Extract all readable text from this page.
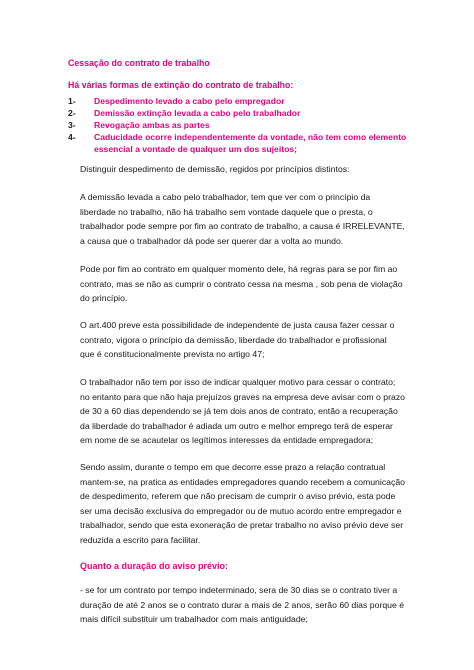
Cessação do contrato de trabalho
Há várias formas de extinção do contrato de trabalho:
1- Despedimento levado a cabo pelo empregador
2- Demissão extinção levada a cabo pelo trabalhador
3- Revogação ambas as partes
4- Caducidade ocorre independentemente da vontade, não tem como elemento
essencial a vontade de qualquer um dos sujeitos;

Distinguir despedimento de demissão, regidos por princípios distintos:

A demissão levada a cabo pelo trabalhador, tem que ver com o princípio da

liberdade no trabalho, não há trabalho sem vontade daquele que o presta, o

trabalhador pode sempre por fim ao contrato de trabalho, a causa é IRRELEVANTE,

a causa que o trabalhador dá pode ser querer dar a volta ao mundo.

Pode por fim ao contrato em qualquer momento dele, há regras para se por fim ao

contrato, mas se não as cumprir o contrato cessa na mesma , sob pena de violação

do princípio.

O art.400 preve esta possibilidade de independente de justa causa fazer cessar o

contrato, vigora o princípio da demissão, liberdade do trabalhador e profissional

que é constitucionalmente prevista no artigo 47;

O trabalhador não tem por isso de indicar qualquer motivo para cessar o contrato;

no entanto para que não haja prejuízos graves na empresa deve avisar com o prazo

de 30 a 60 dias dependendo se já tem dois anos de contrato, então a recuperação

da liberdade do trabalhador é adiada um outro e melhor emprego terá de esperar

em nome de se acautelar os legítimos interesses da entidade empregadora;

Sendo assim, durante o tempo em que decorre esse prazo a relação contratual

mantem-se, na pratica as entidades empregadores quando recebem a comunicação

de despedimento, referem que não precisam de cumprir o aviso prévio, esta pode

ser uma decisão exclusiva do empregador ou de mutuo acordo entre empregador e

trabalhador, sendo que esta exoneração de pretar trabalho no aviso prévio deve ser

reduzida a escrito para facilitar.

Quanto a duração do aviso prévio:

- se for um contrato por tempo indeterminado, sera de 30 dias se o contrato tiver a

duração de até 2 anos se o contrato durar a mais de 2 anos, serão 60 dias porque é

mais difícil substituir um trabalhador com mais antiguidade;
